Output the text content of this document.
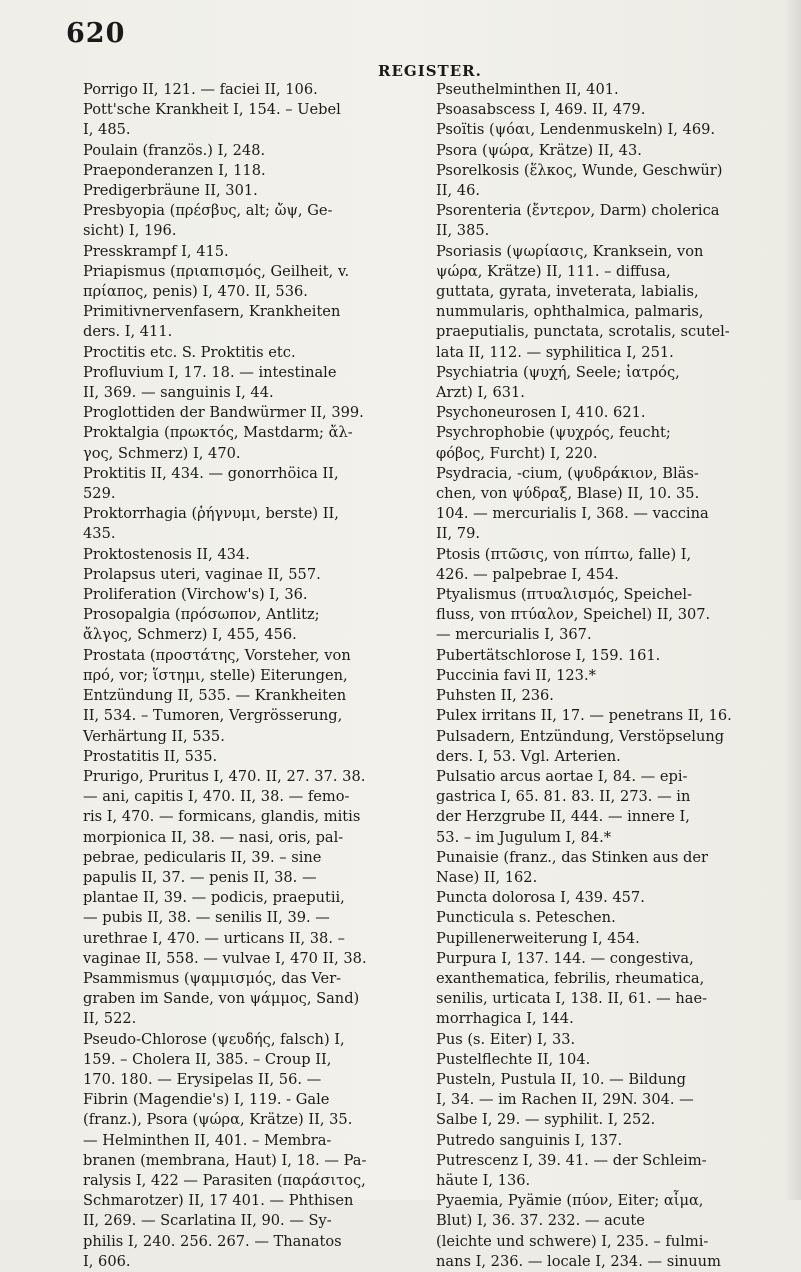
620
REGISTER.
Porrigo II, 121. — faciei II, 106.
Pott'sche Krankheit I, 154. – Uebel
I, 485.
Poulain (französ.) I, 248.
Praeponderanzen I, 118.
Predigerbräune II, 301.
Presbyopia (πρέσβυς, alt; ὤψ, Ge-
sicht) I, 196.
Presskrampf I, 415.
Priapismus (πριαπισμός, Geilheit, v.
πρίαπος, penis) I, 470. II, 536.
Primitivnervenfasern, Krankheiten
ders. I, 411.
Proctitis etc. S. Proktitis etc.
Profluvium I, 17. 18. — intestinale
II, 369. — sanguinis I, 44.
Proglottiden der Bandwürmer II, 399.
Proktalgia (πρωκτός, Mastdarm; ἄλ-
γος, Schmerz) I, 470.
Proktitis II, 434. — gonorrhöica II,
529.
Proktorrhagia (ῥήγνυμι, berste) II,
435.
Proktostenosis II, 434.
Prolapsus uteri, vaginae II, 557.
Proliferation (Virchow's) I, 36.
Prosopalgia (πρόσωπον, Antlitz;
ἄλγος, Schmerz) I, 455, 456.
Prostata (προστάτης, Vorsteher, von
πρό, vor; ἵστημι, stelle) Eiterungen,
Entzündung II, 535. — Krankheiten
II, 534. – Tumoren, Vergrösserung,
Verhärtung II, 535.
Prostatitis II, 535.
Prurigo, Pruritus I, 470. II, 27. 37. 38.
— ani, capitis I, 470. II, 38. — femo-
ris I, 470. — formicans, glandis, mitis
morpionica II, 38. — nasi, oris, pal-
pebrae, pedicularis II, 39. – sine
papulis II, 37. — penis II, 38. —
plantae II, 39. — podicis, praeputii,
— pubis II, 38. — senilis II, 39. —
urethrae I, 470. — urticans II, 38. –
vaginae II, 558. — vulvae I, 470 II, 38.
Psammismus (ψαμμισμός, das Ver-
graben im Sande, von ψάμμος, Sand)
II, 522.
Pseudo-Chlorose (ψευδής, falsch) I,
159. – Cholera II, 385. – Croup II,
170. 180. — Erysipelas II, 56. —
Fibrin (Magendie's) I, 119. - Gale
(franz.), Psora (ψώρα, Krätze) II, 35.
— Helminthen II, 401. – Membra-
branen (membrana, Haut) I, 18. — Pa-
ralysis I, 422 — Parasiten (παράσιτος,
Schmarotzer) II, 17 401. — Phthisen
II, 269. — Scarlatina II, 90. — Sy-
philis I, 240. 256. 267. — Thanatos
I, 606.
Pseuthelminthen II, 401.
Psoasabscess I, 469. II, 479.
Psoïtis (ψόαι, Lendenmuskeln) I, 469.
Psora (ψώρα, Krätze) II, 43.
Psorelkosis (ἕλκος, Wunde, Geschwür)
II, 46.
Psorenteria (ἔντερον, Darm) cholerica
II, 385.
Psoriasis (ψωρίασις, Kranksein, von
ψώρα, Krätze) II, 111. – diffusa,
guttata, gyrata, inveterata, labialis,
nummularis, ophthalmica, palmaris,
praeputialis, punctata, scrotalis, scutel-
lata II, 112. — syphilitica I, 251.
Psychiatria (ψυχή, Seele; ἰατρός,
Arzt) I, 631.
Psychoneurosen I, 410. 621.
Psychrophobie (ψυχρός, feucht;
φόβος, Furcht) I, 220.
Psydracia, -cium, (ψυδράκιον, Bläs-
chen, von ψύδραξ, Blase) II, 10. 35.
104. — mercurialis I, 368. — vaccina
II, 79.
Ptosis (πτῶσις, von πίπτω, falle) I,
426. — palpebrae I, 454.
Ptyalismus (πτυαλισμός, Speichel-
fluss, von πτύαλον, Speichel) II, 307.
— mercurialis I, 367.
Pubertätschlorose I, 159. 161.
Puccinia favi II, 123.*
Puhsten II, 236.
Pulex irritans II, 17. — penetrans II, 16.
Pulsadern, Entzündung, Verstöpselung
ders. I, 53. Vgl. Arterien.
Pulsatio arcus aortae I, 84. — epi-
gastrica I, 65. 81. 83. II, 273. — in
der Herzgrube II, 444. — innere I,
53. – im Jugulum I, 84.*
Punaisie (franz., das Stinken aus der
Nase) II, 162.
Puncta dolorosa I, 439. 457.
Puncticula s. Peteschen.
Pupillenerweiterung I, 454.
Purpura I, 137. 144. — congestiva,
exanthematica, febrilis, rheumatica,
senilis, urticata I, 138. II, 61. — hae-
morrhagica I, 144.
Pus (s. Eiter) I, 33.
Pustelflechte II, 104.
Pusteln, Pustula II, 10. — Bildung
I, 34. — im Rachen II, 29N. 304. —
Salbe I, 29. — syphilit. I, 252.
Putredo sanguinis I, 137.
Putrescenz I, 39. 41. — der Schleim-
häute I, 136.
Pyaemia, Pyämie (πύον, Eiter; αἷμα,
Blut) I, 36. 37. 232. — acute
(leichte und schwere) I, 235. – fulmi-
nans I, 236. — locale I, 234. — sinuum
